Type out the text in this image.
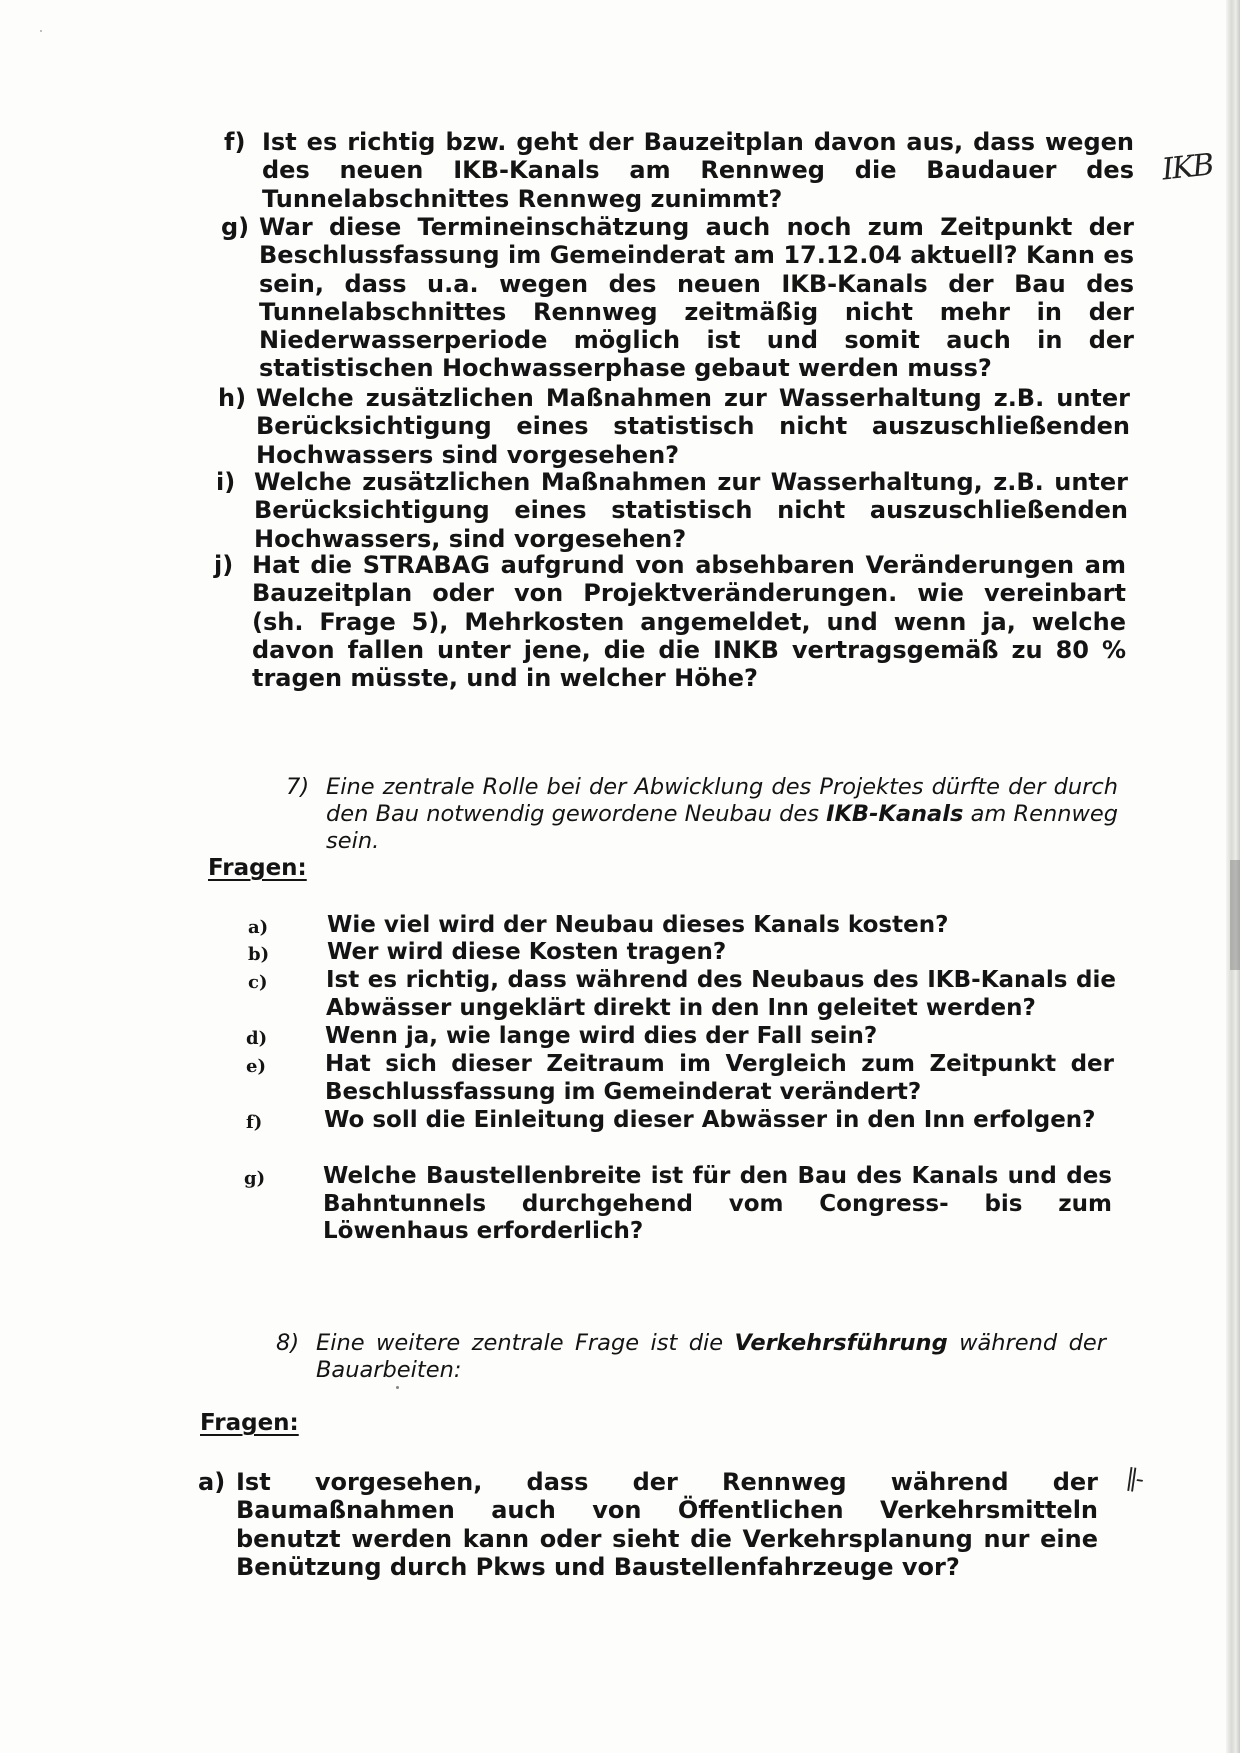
IKB
‖-
f) Ist es richtig bzw. geht der Bauzeitplan davon aus, dass wegen des neuen IKB-Kanals am Rennweg die Baudauer des Tunnelabschnittes Rennweg zunimmt?
g) War diese Termineinschätzung auch noch zum Zeitpunkt der Beschlussfassung im Gemeinderat am 17.12.04 aktuell? Kann es sein, dass u.a. wegen des neuen IKB-Kanals der Bau des Tunnelabschnittes Rennweg zeitmäßig nicht mehr in der Niederwasserperiode möglich ist und somit auch in der statistischen Hochwasserphase gebaut werden muss?
h) Welche zusätzlichen Maßnahmen zur Wasserhaltung z.B. unter Berücksichtigung eines statistisch nicht auszuschließenden Hochwassers sind vorgesehen?
i) Welche zusätzlichen Maßnahmen zur Wasserhaltung, z.B. unter Berücksichtigung eines statistisch nicht auszuschließenden Hochwassers, sind vorgesehen?
j) Hat die STRABAG aufgrund von absehbaren Veränderungen am Bauzeitplan oder von Projektveränderungen. wie vereinbart (sh. Frage 5), Mehrkosten angemeldet, und wenn ja, welche davon fallen unter jene, die die INKB vertragsgemäß zu 80 % tragen müsste, und in welcher Höhe?
7) Eine zentrale Rolle bei der Abwicklung des Projektes dürfte der durch den Bau notwendig gewordene Neubau des IKB-Kanals am Rennweg sein.
Fragen:
a)	Wie viel wird der Neubau dieses Kanals kosten?
b)	Wer wird diese Kosten tragen?
c)	Ist es richtig, dass während des Neubaus des IKB-Kanals die Abwässer ungeklärt direkt in den Inn geleitet werden?
d)	Wenn ja, wie lange wird dies der Fall sein?
e)	Hat sich dieser Zeitraum im Vergleich zum Zeitpunkt der Beschlussfassung im Gemeinderat verändert?
f)	Wo soll die Einleitung dieser Abwässer in den Inn erfolgen?
g)	Welche Baustellenbreite ist für den Bau des Kanals und des Bahntunnels durchgehend vom Congress- bis zum Löwenhaus erforderlich?
8) Eine weitere zentrale Frage ist die Verkehrsführung während der Bauarbeiten:
Fragen:
a) Ist vorgesehen, dass der Rennweg während der Baumaßnahmen auch von Öffentlichen Verkehrsmitteln benutzt werden kann oder sieht die Verkehrsplanung nur eine Benützung durch Pkws und Baustellenfahrzeuge vor?
